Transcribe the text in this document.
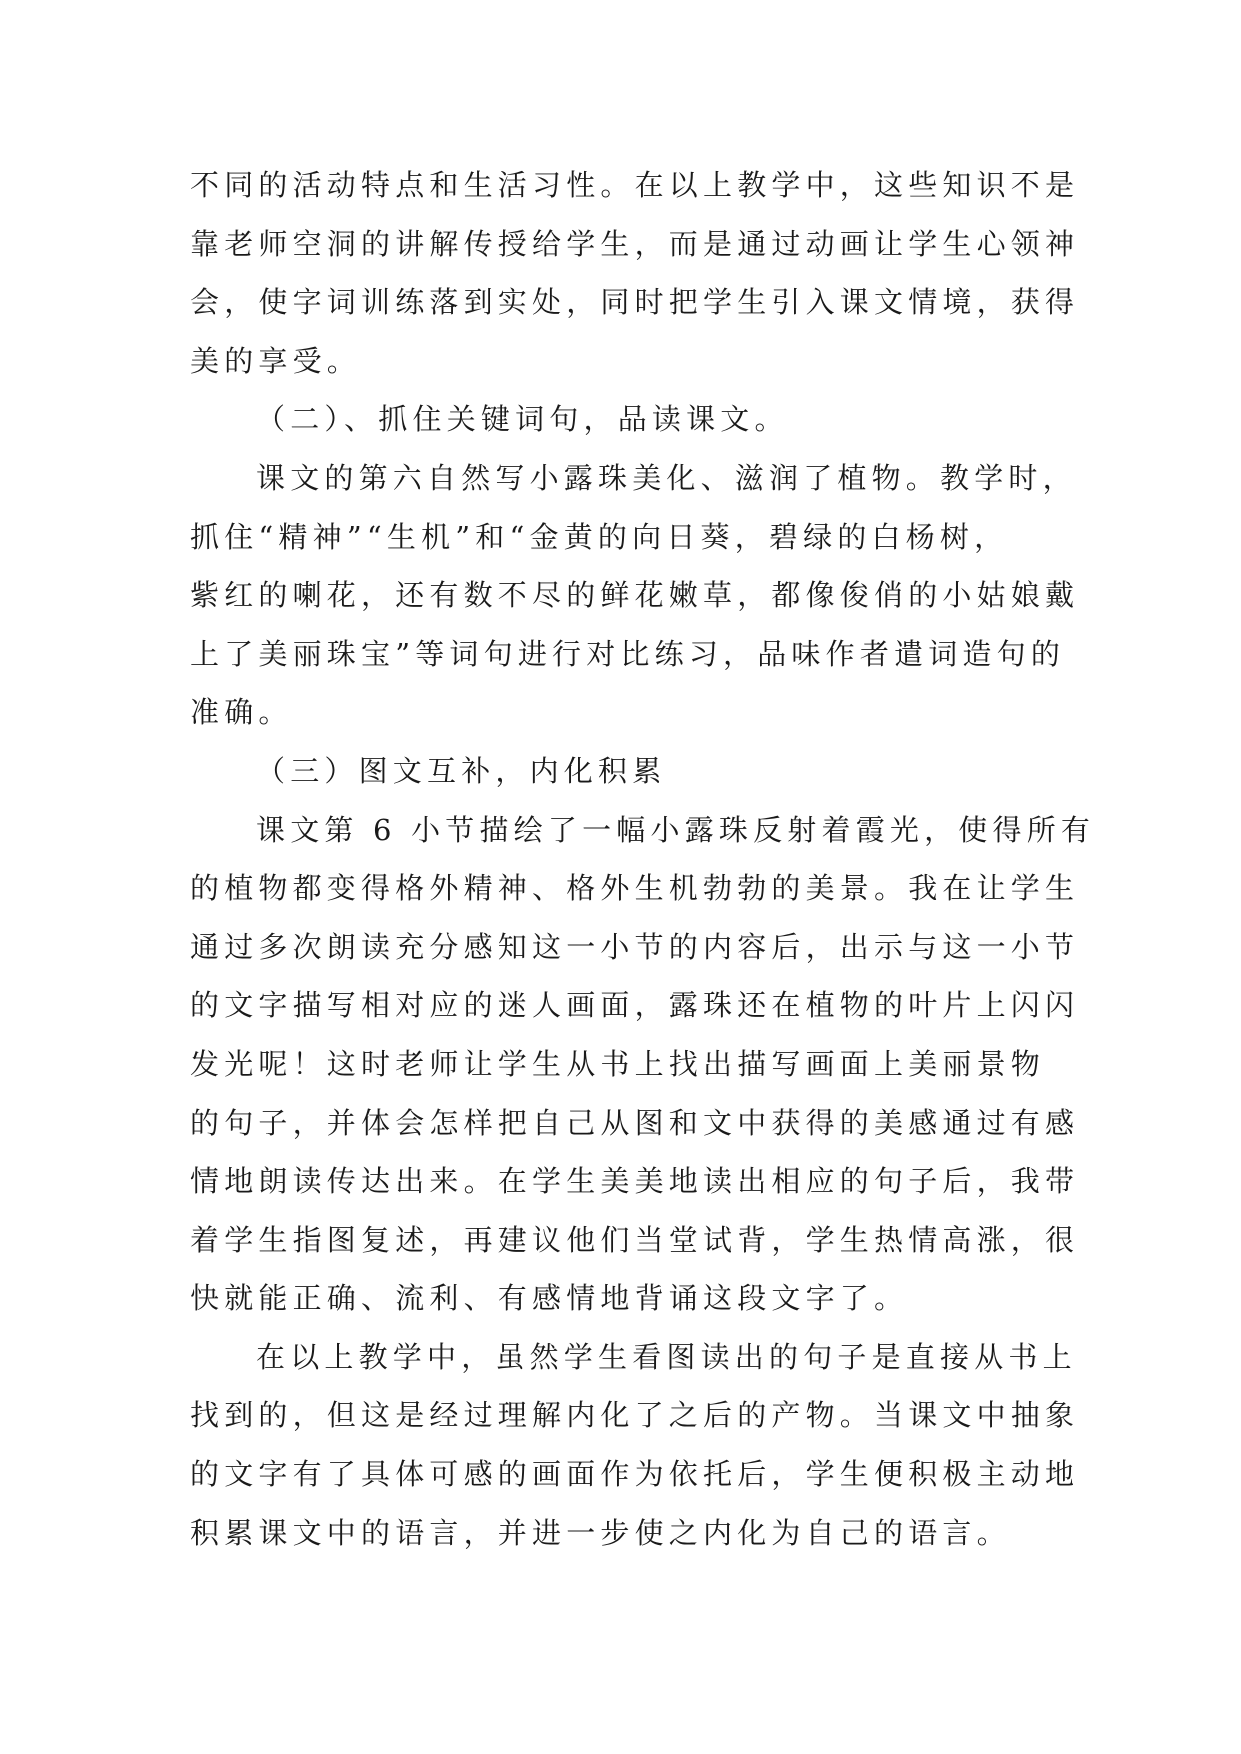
不同的活动特点和生活习性。在以上教学中，这些知识不是
靠老师空洞的讲解传授给学生，而是通过动画让学生心领神
会，使字词训练落到实处，同时把学生引入课文情境，获得
美的享受。
（二）、抓住关键词句，品读课文。
课文的第六自然写小露珠美化、滋润了植物。教学时，
抓住“精神”“生机”和“金黄的向日葵，碧绿的白杨树，
紫红的喇花，还有数不尽的鲜花嫩草，都像俊俏的小姑娘戴
上了美丽珠宝”等词句进行对比练习，品味作者遣词造句的
准确。
（三）图文互补，内化积累
课文第 6 小节描绘了一幅小露珠反射着霞光，使得所有
的植物都变得格外精神、格外生机勃勃的美景。我在让学生
通过多次朗读充分感知这一小节的内容后，出示与这一小节
的文字描写相对应的迷人画面，露珠还在植物的叶片上闪闪
发光呢！这时老师让学生从书上找出描写画面上美丽景物
的句子，并体会怎样把自己从图和文中获得的美感通过有感
情地朗读传达出来。在学生美美地读出相应的句子后，我带
着学生指图复述，再建议他们当堂试背，学生热情高涨，很
快就能正确、流利、有感情地背诵这段文字了。
在以上教学中，虽然学生看图读出的句子是直接从书上
找到的，但这是经过理解内化了之后的产物。当课文中抽象
的文字有了具体可感的画面作为依托后，学生便积极主动地
积累课文中的语言，并进一步使之内化为自己的语言。
